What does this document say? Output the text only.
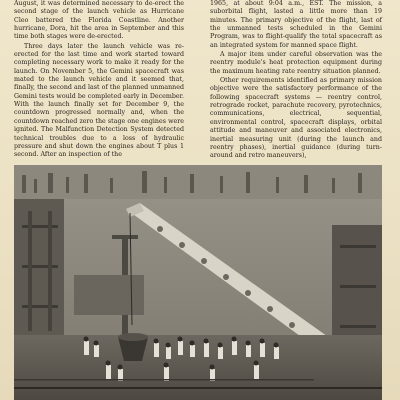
August, it was determined necessary to de-erect the second stage of the launch vehicle as Hurricane Cleo battered the Florida Coastline. Another hurricane, Dora, hit the area in September and this time both stages were de-erected.

Three days later the launch vehicle was re-erected for the last time and work started toward completing necessary work to make it ready for the launch. On November 5, the Gemini spacecraft was mated to the launch vehicle and it seemed that, finally, the second and last of the planned unmanned Gemini tests would be completed early in December. With the launch finally set for December 9, the countdown progressed normally and, when the countdown reached zero the stage one engines were ignited. The Malfunction Detection System detected technical troubles due to a loss of hydraulic pressure and shut down the engines about T plus 1 second. After an inspection of the

1965, at about 9:04 a.m., EST. The mission, a suborbital flight, lasted a little more than 19 minutes. The primary objective of the flight, last of the unmanned tests scheduled in the Gemini Program, was to flight-qualify the total spacecraft as an integrated system for manned space flight.

A major item under careful observation was the reentry module's heat protection equipment during the maximum heating rate reentry situation planned.

Other requirements identified as primary mission objective were the satisfactory performance of the following spacecraft systems — reentry control, retrograde rocket, parachute recovery, pyrotechnics, communications, electrical, sequential, environmental control, spacecraft displays, orbital attitude and maneuver and associated electronics, inertial measuring unit (during the launch and reentry phases), inertial guidance (during turn-around and retro maneuvers),
